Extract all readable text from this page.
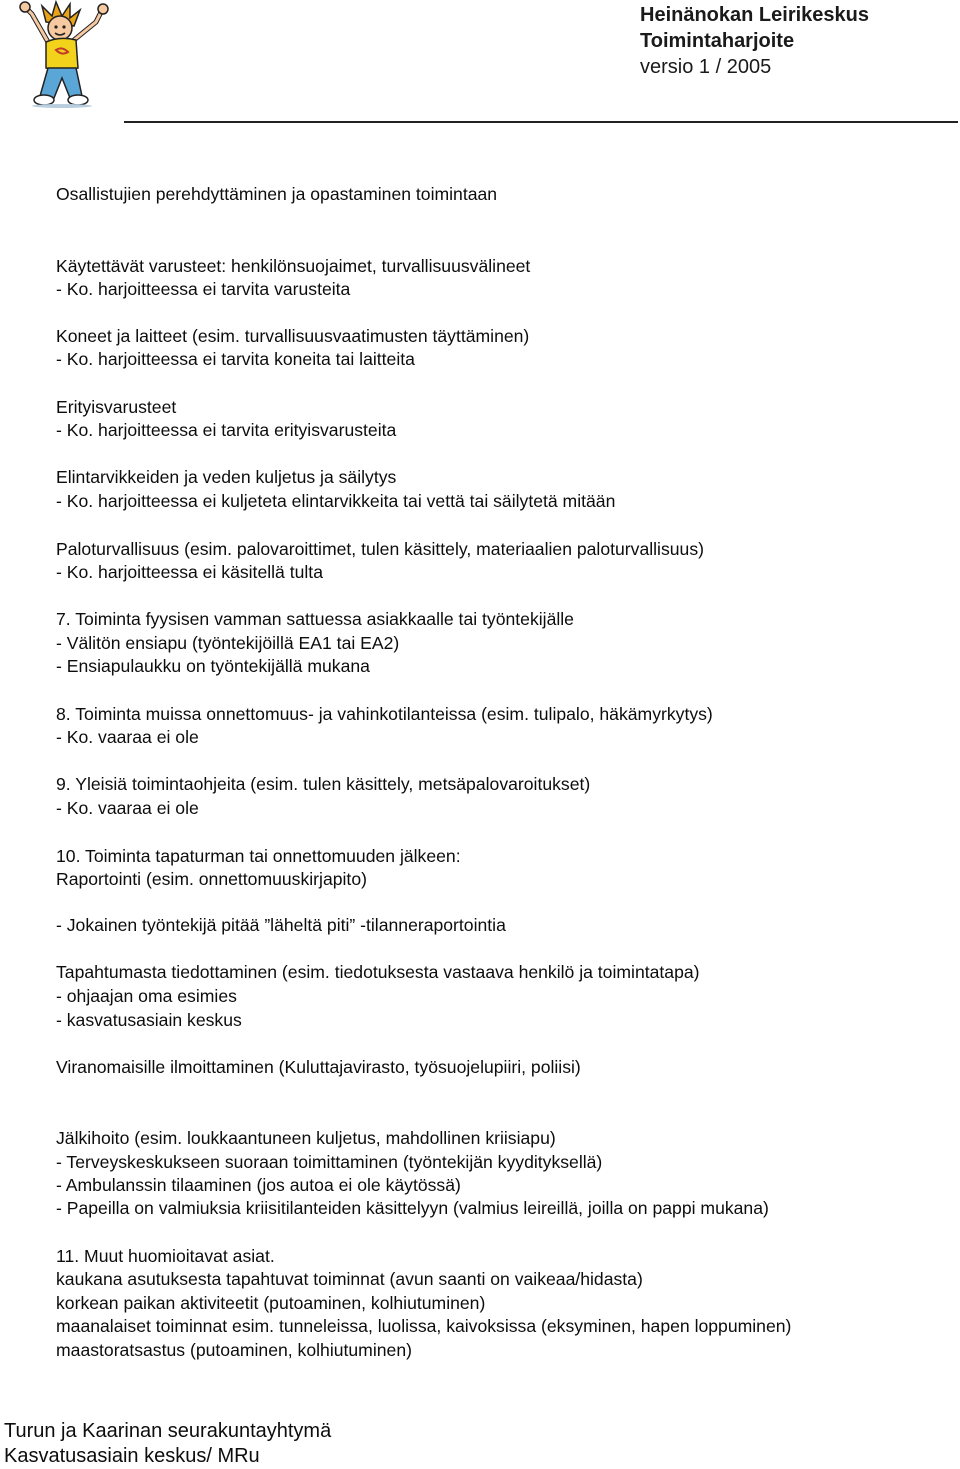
Heinänokan Leirikeskus
Toimintaharjoite
versio 1 / 2005
Osallistujien perehdyttäminen ja opastaminen toimintaan
Käytettävät varusteet: henkilönsuojaimet, turvallisuusvälineet
- Ko. harjoitteessa ei tarvita varusteita
Koneet ja laitteet (esim. turvallisuusvaatimusten täyttäminen)
- Ko. harjoitteessa ei tarvita koneita tai laitteita
Erityisvarusteet
- Ko. harjoitteessa ei tarvita erityisvarusteita
Elintarvikkeiden ja veden kuljetus ja säilytys
- Ko. harjoitteessa ei kuljeteta elintarvikkeita tai vettä tai säilytetä mitään
Paloturvallisuus (esim. palovaroittimet, tulen käsittely, materiaalien paloturvallisuus)
- Ko. harjoitteessa ei käsitellä tulta
7. Toiminta fyysisen vamman sattuessa asiakkaalle tai työntekijälle
- Välitön ensiapu (työntekijöillä EA1 tai EA2)
- Ensiapulaukku on työntekijällä mukana
8. Toiminta muissa onnettomuus- ja vahinkotilanteissa (esim. tulipalo, häkämyrkytys)
- Ko. vaaraa ei ole
9. Yleisiä toimintaohjeita (esim. tulen käsittely, metsäpalovaroitukset)
- Ko. vaaraa ei ole
10. Toiminta tapaturman tai onnettomuuden jälkeen:
Raportointi (esim. onnettomuuskirjapito)
- Jokainen työntekijä pitää ”läheltä piti” -tilanneraportointia
Tapahtumasta tiedottaminen (esim. tiedotuksesta vastaava henkilö ja toimintatapa)
- ohjaajan oma esimies
- kasvatusasiain keskus
Viranomaisille ilmoittaminen (Kuluttajavirasto, työsuojelupiiri, poliisi)
Jälkihoito (esim. loukkaantuneen kuljetus, mahdollinen kriisiapu)
- Terveyskeskukseen suoraan toimittaminen (työntekijän kyydityksellä)
- Ambulanssin tilaaminen (jos autoa ei ole käytössä)
- Papeilla on valmiuksia kriisitilanteiden käsittelyyn (valmius leireillä, joilla on pappi mukana)
11. Muut huomioitavat asiat.
kaukana asutuksesta tapahtuvat toiminnat (avun saanti on vaikeaa/hidasta)
korkean paikan aktiviteetit (putoaminen, kolhiutuminen)
maanalaiset toiminnat esim. tunneleissa, luolissa, kaivoksissa (eksyminen, hapen loppuminen)
maastoratsastus (putoaminen, kolhiutuminen)
Turun ja Kaarinan seurakuntayhtymä
Kasvatusasiain keskus/ MRu
